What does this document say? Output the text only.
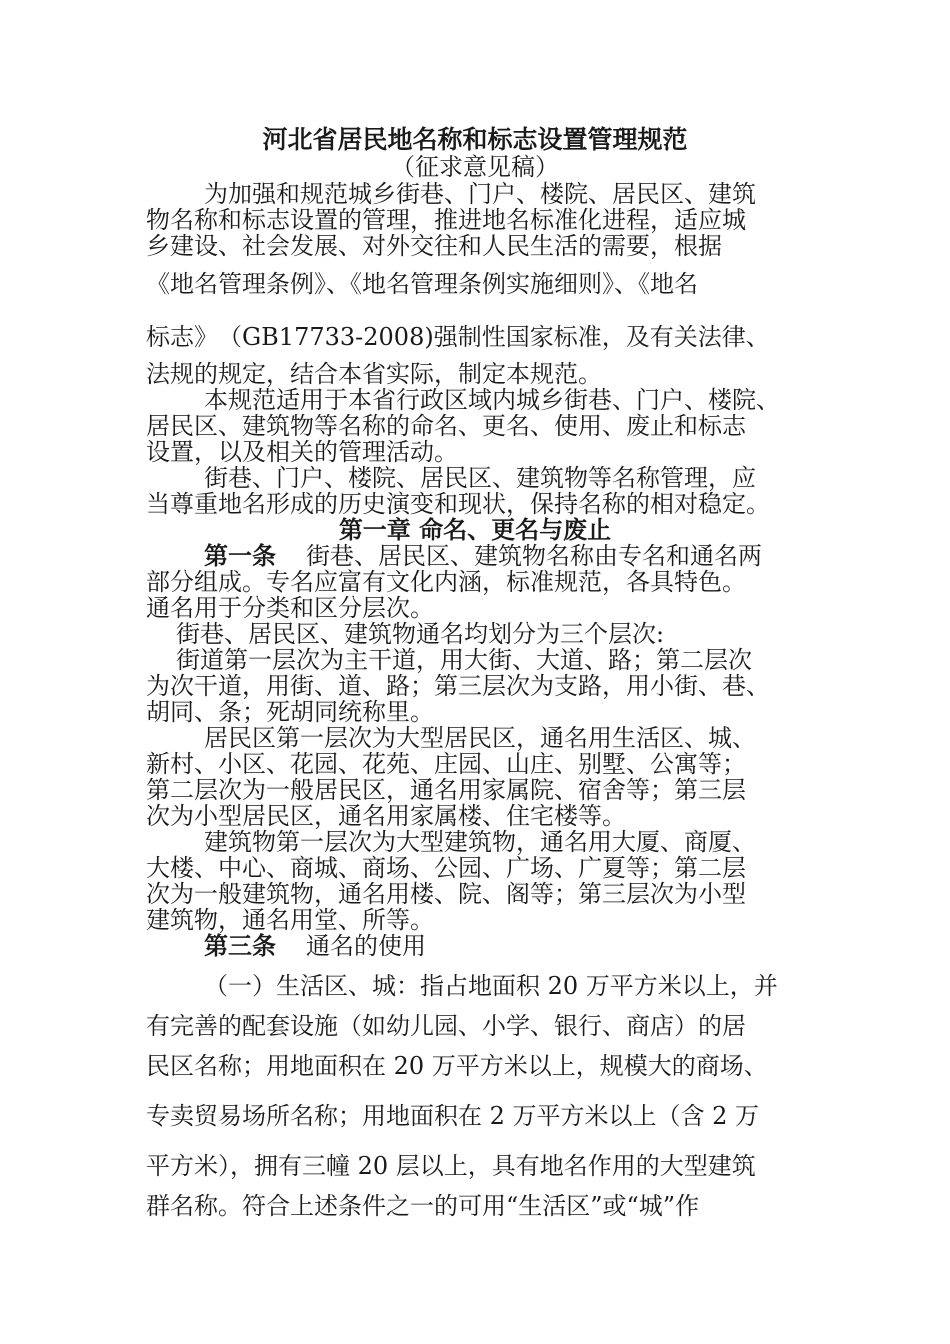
河北省居民地名称和标志设置管理规范
（征求意见稿）
为加强和规范城乡街巷、门户、楼院、居民区、建筑
物名称和标志设置的管理，推进地名标准化进程，适应城
乡建设、社会发展、对外交往和人民生活的需要，根据
《地名管理条例》、《地名管理条例实施细则》、《地名
标志》　（GB17733-2008)强制性国家标准，及有关法律、
法规的规定，结合本省实际，制定本规范。
本规范适用于本省行政区域内城乡街巷、门户、楼院、
居民区、建筑物等名称的命名、更名、使用、废止和标志
设置，以及相关的管理活动。
街巷、门户、楼院、居民区、建筑物等名称管理，应
当尊重地名形成的历史演变和现状，保持名称的相对稳定。
第一章 命名、更名与废止
第一条 街巷、居民区、建筑物名称由专名和通名两
部分组成。专名应富有文化内涵，标准规范，各具特色。
通名用于分类和区分层次。
街巷、居民区、建筑物通名均划分为三个层次:
街道第一层次为主干道，用大街、大道、路；第二层次
为次干道，用街、道、路；第三层次为支路，用小街、巷、
胡同、条；死胡同统称里。
居民区第一层次为大型居民区，通名用生活区、城、
新村、小区、花园、花苑、庄园、山庄、别墅、公寓等；
第二层次为一般居民区，通名用家属院、宿舍等；第三层
次为小型居民区，通名用家属楼、住宅楼等。
建筑物第一层次为大型建筑物，通名用大厦、商厦、
大楼、中心、商城、商场、公园、广场、广夏等；第二层
次为一般建筑物，通名用楼、院、阁等；第三层次为小型
建筑物，通名用堂、所等。
第三条 通名的使用
（一）生活区、城：指占地面积 20 万平方米以上，并
有完善的配套设施（如幼儿园、小学、银行、商店）的居
民区名称；用地面积在 20 万平方米以上，规模大的商场、
专卖贸易场所名称；用地面积在 2 万平方米以上（含 2 万
平方米），拥有三幢 20 层以上，具有地名作用的大型建筑
群名称。符合上述条件之一的可用“生活区”或“城”作
